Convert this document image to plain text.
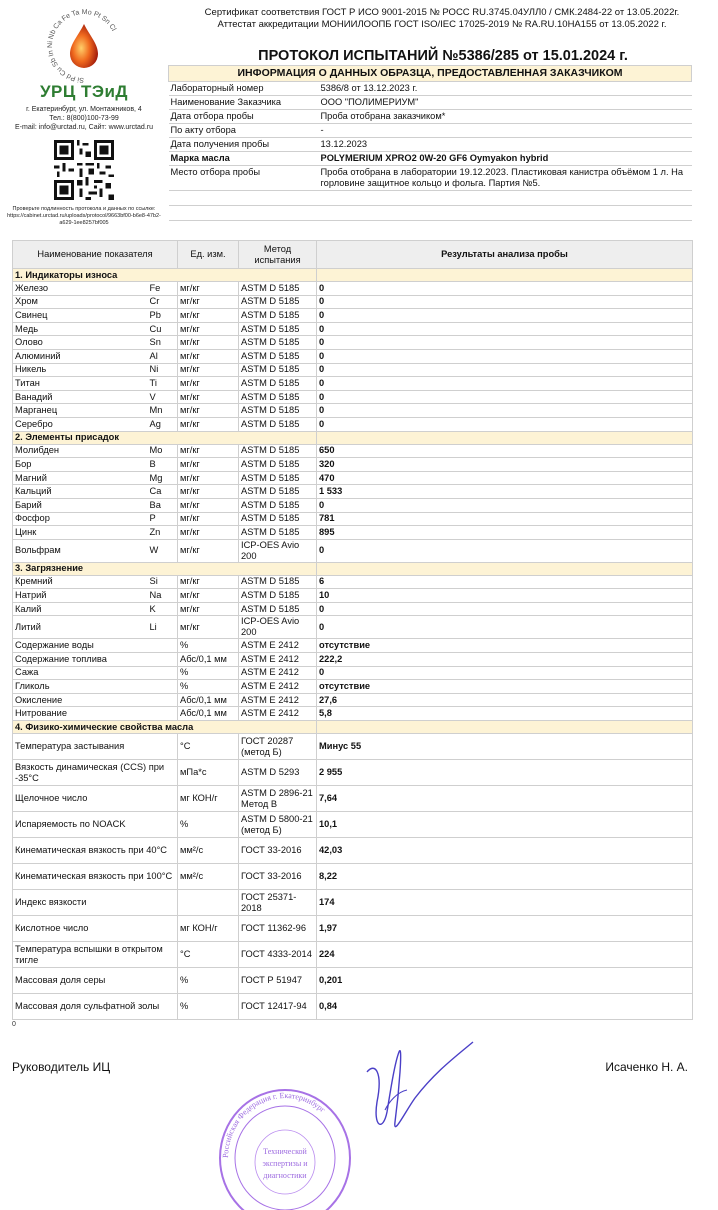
Si Pd Cu Sb In Ni Nb Ca Fe Ta Mo Pt Sn Cl
УРЦ ТЭиД
г. Екатеринбург, ул. Монтажников, 4
Тел.: 8(800)100-73-99
E-mail: info@urctad.ru, Сайт: www.urctad.ru
Проверьте подлинность протокола и данных по ссылке:
https://cabinet.urctad.ru/uploads/protocol/9663bf00-b6e8-47b2-a629-1ee8257bf005
Сертификат соответствия ГОСТ Р ИСО 9001-2015 № РОСС RU.3745.04УЛЛ0 / СМК.2484-22 от 13.05.2022г.
Аттестат аккредитации МОНИИЛООПБ ГОСТ ISO/IEC 17025-2019 № RA.RU.10НА155 от 13.05.2022 г.
ПРОТОКОЛ ИСПЫТАНИЙ №5386/285 от 15.01.2024 г.
ИНФОРМАЦИЯ О ДАННЫХ ОБРАЗЦА, ПРЕДОСТАВЛЕННАЯ ЗАКАЗЧИКОМ	
Лабораторный номер	5386/8 от 13.12.2023 г.
Наименование Заказчика	ООО "ПОЛИМЕРИУМ"
Дата отбора пробы	Проба отобрана заказчиком*
По акту отбора	-
Дата получения пробы	13.12.2023
Марка масла	POLYMERIUM XPRO2 0W-20 GF6 Oymyakon hybrid
Место отбора пробы	Проба отобрана в лаборатории 19.12.2023. Пластиковая канистра объёмом 1 л. На горловине защитное кольцо и фольга. Партия №5.

Наименование показателя		Ед. изм.	Метод испытания	Результаты анализа пробы
1. Индикаторы износа				
Железо	Fe	мг/кг	ASTM D 5185	0
Хром	Cr	мг/кг	ASTM D 5185	0
Свинец	Pb	мг/кг	ASTM D 5185	0
Медь	Cu	мг/кг	ASTM D 5185	0
Олово	Sn	мг/кг	ASTM D 5185	0
Алюминий	Al	мг/кг	ASTM D 5185	0
Никель	Ni	мг/кг	ASTM D 5185	0
Титан	Ti	мг/кг	ASTM D 5185	0
Ванадий	V	мг/кг	ASTM D 5185	0
Марганец	Mn	мг/кг	ASTM D 5185	0
Серебро	Ag	мг/кг	ASTM D 5185	0
2. Элементы присадок				
Молибден	Mo	мг/кг	ASTM D 5185	650
Бор	B	мг/кг	ASTM D 5185	320
Магний	Mg	мг/кг	ASTM D 5185	470
Кальций	Ca	мг/кг	ASTM D 5185	1 533
Барий	Ba	мг/кг	ASTM D 5185	0
Фосфор	P	мг/кг	ASTM D 5185	781
Цинк	Zn	мг/кг	ASTM D 5185	895
Вольфрам	W	мг/кг	ICP-OES Avio 200	0
3. Загрязнение				
Кремний	Si	мг/кг	ASTM D 5185	6
Натрий	Na	мг/кг	ASTM D 5185	10
Калий	K	мг/кг	ASTM D 5185	0
Литий	Li	мг/кг	ICP-OES Avio 200	0
Содержание воды		%	ASTM E 2412	отсутствие
Содержание топлива		Абс/0,1 мм	ASTM E 2412	222,2
Сажа		%	ASTM E 2412	0
Гликоль		%	ASTM E 2412	отсутствие
Окисление		Абс/0,1 мм	ASTM E 2412	27,6
Нитрование		Абс/0,1 мм	ASTM E 2412	5,8
4. Физико-химические свойства масла				
Температура застывания		°С	ГОСТ 20287 (метод Б)	Минус 55
Вязкость динамическая (CCS) при -35°С		мПа*с	ASTM D 5293	2 955
Щелочное число		мг КОН/г	ASTM D 2896-21 Метод В	7,64
Испаряемость по NOACK		%	ASTM D 5800-21 (метод Б)	10,1
Кинематическая вязкость при 40°С		мм²/с	ГОСТ 33-2016	42,03
Кинематическая вязкость при 100°С		мм²/с	ГОСТ 33-2016	8,22
Индекс вязкости			ГОСТ 25371-2018	174
Кислотное число		мг КОН/г	ГОСТ 11362-96	1,97
Температура вспышки в открытом тигле		°С	ГОСТ 4333-2014	224
Массовая доля серы		%	ГОСТ Р 51947	0,201
Массовая доля сульфатной золы		%	ГОСТ 12417-94	0,84
0
Руководитель ИЦ	Исаченко Н. А.
Технической
экспертизы и
диагностики
Российская Федерация г. Екатеринбург
